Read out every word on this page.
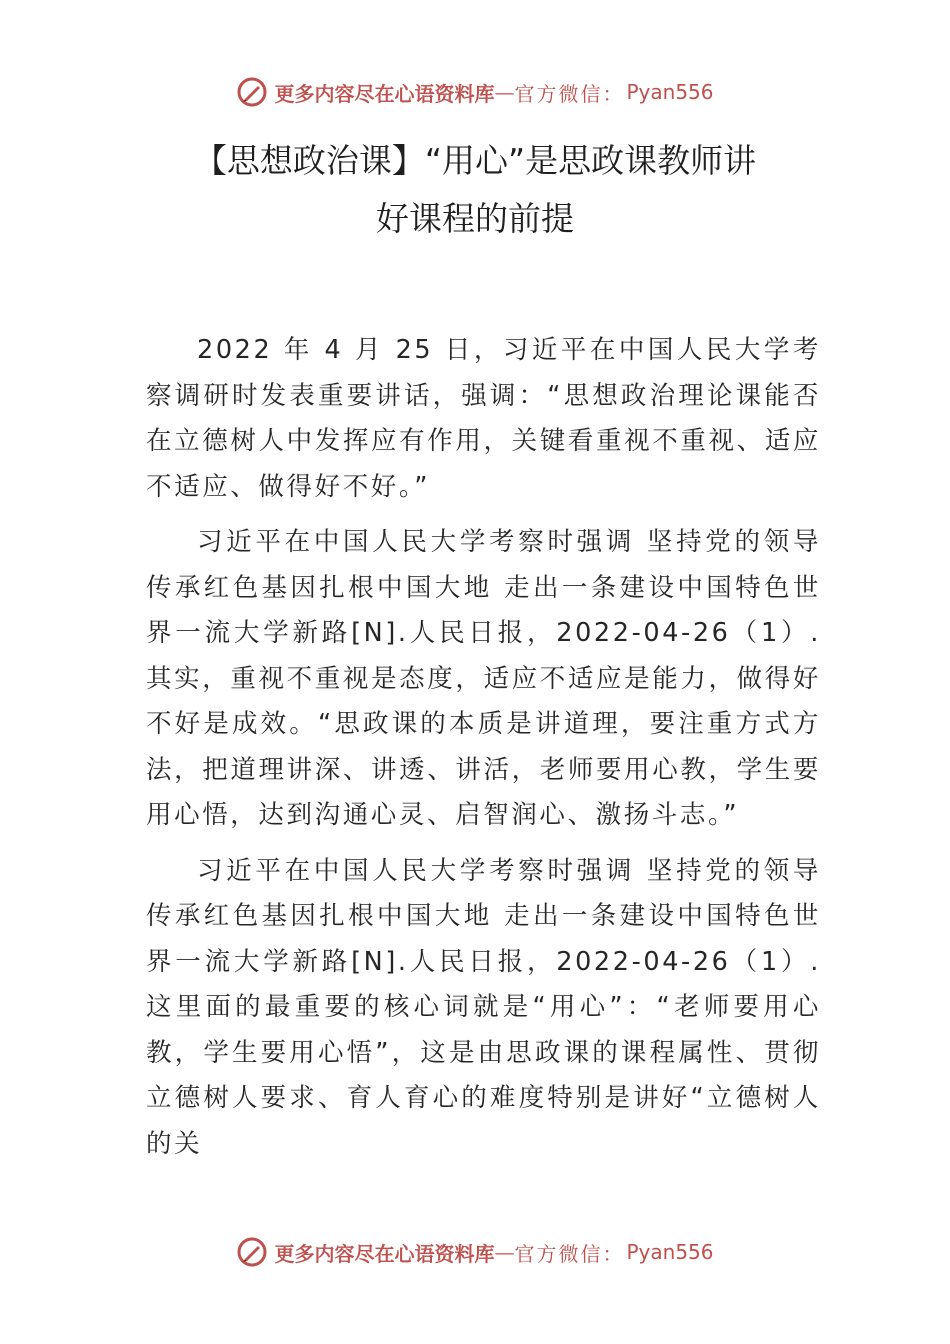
更多内容尽在心语资料库 — 官方微信： Pyan556
【思想政治课】“用心”是思政课教师讲
好课程的前提

2022 年 4 月 25 日，习近平在中国人民大学考察调研时发表重要讲话，强调：“思想政治理论课能否在立德树人中发挥应有作用，关键看重视不重视、适应不适应、做得好不好。”

习近平在中国人民大学考察时强调 坚持党的领导传承红色基因扎根中国大地 走出一条建设中国特色世界一流大学新路[N].人民日报，2022-04-26（1）.其实，重视不重视是态度，适应不适应是能力，做得好不好是成效。“思政课的本质是讲道理，要注重方式方法，把道理讲深、讲透、讲活，老师要用心教，学生要用心悟，达到沟通心灵、启智润心、激扬斗志。”

习近平在中国人民大学考察时强调 坚持党的领导传承红色基因扎根中国大地 走出一条建设中国特色世界一流大学新路[N].人民日报，2022-04-26（1）.这里面的最重要的核心词就是“用心”：“老师要用心教，学生要用心悟”，这是由思政课的课程属性、贯彻立德树人要求、育人育心的难度特别是讲好“立德树人的关

更多内容尽在心语资料库 — 官方微信： Pyan556
